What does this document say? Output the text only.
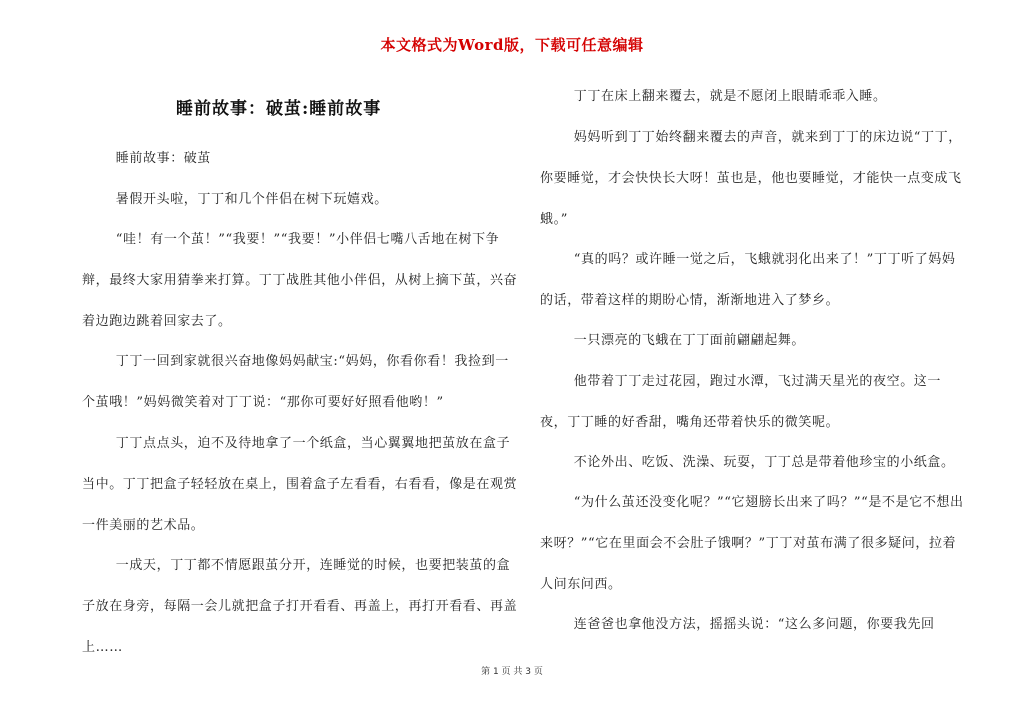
本文格式为Word版，下载可任意编辑
睡前故事：破茧:睡前故事
睡前故事：破茧
暑假开头啦，丁丁和几个伴侣在树下玩嬉戏。
“哇！有一个茧！”“我要！”“我要！”小伴侣七嘴八舌地在树下争辩，最终大家用猜拳来打算。丁丁战胜其他小伴侣，从树上摘下茧，兴奋着边跑边跳着回家去了。
丁丁一回到家就很兴奋地像妈妈献宝:“妈妈，你看你看！我捡到一个茧哦！”妈妈微笑着对丁丁说：“那你可要好好照看他哟！”
丁丁点点头，迫不及待地拿了一个纸盒，当心翼翼地把茧放在盒子当中。丁丁把盒子轻轻放在桌上，围着盒子左看看，右看看，像是在观赏一件美丽的艺术品。
一成天，丁丁都不情愿跟茧分开，连睡觉的时候，也要把装茧的盒子放在身旁，每隔一会儿就把盒子打开看看、再盖上，再打开看看、再盖上……
丁丁在床上翻来覆去，就是不愿闭上眼睛乖乖入睡。
妈妈听到丁丁始终翻来覆去的声音，就来到丁丁的床边说“丁丁，你要睡觉，才会快快长大呀！茧也是，他也要睡觉，才能快一点变成飞蛾。”
“真的吗？或许睡一觉之后，飞蛾就羽化出来了！”丁丁听了妈妈的话，带着这样的期盼心情，渐渐地进入了梦乡。
一只漂亮的飞蛾在丁丁面前翩翩起舞。
他带着丁丁走过花园，跑过水潭，飞过满天星光的夜空。这一夜，丁丁睡的好香甜，嘴角还带着快乐的微笑呢。
不论外出、吃饭、洗澡、玩耍，丁丁总是带着他珍宝的小纸盒。
“为什么茧还没变化呢？”“它翅膀长出来了吗？”“是不是它不想出来呀？”“它在里面会不会肚子饿啊？”丁丁对茧布满了很多疑问，拉着人问东问西。
连爸爸也拿他没方法，摇摇头说：“这么多问题，你要我先回
第 1 页 共 3 页
